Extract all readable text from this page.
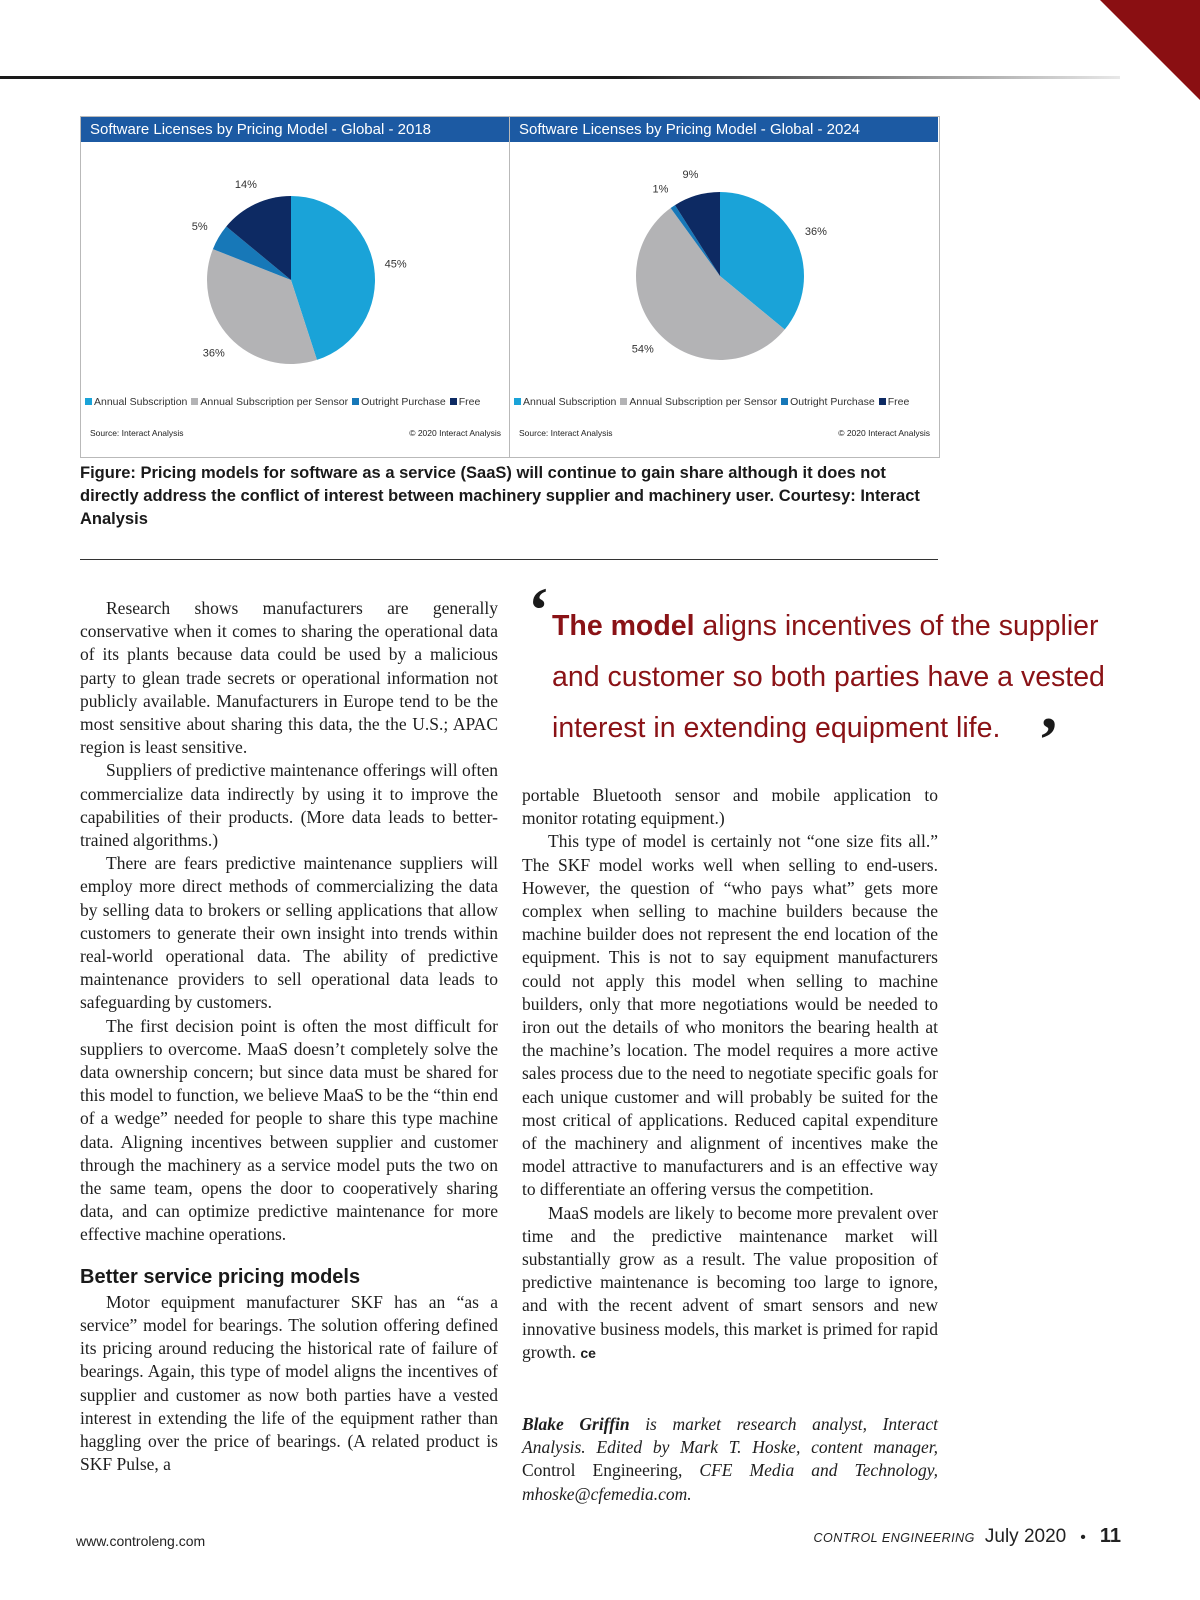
Software Licenses by Pricing Model - Global - 2018
45%
36%
5%
14%
Annual Subscription Annual Subscription per Sensor Outright Purchase Free
Source: Interact Analysis	© 2020 Interact Analysis
Software Licenses by Pricing Model - Global - 2024
36%
54%
1%
9%
Annual Subscription Annual Subscription per Sensor Outright Purchase Free
Source: Interact Analysis	© 2020 Interact Analysis
Figure: Pricing models for software as a service (SaaS) will continue to gain share although it does not directly address the conflict of interest between machinery supplier and machinery user. Courtesy: Interact Analysis

Research shows manufacturers are generally conservative when it comes to sharing the operational data of its plants because data could be used by a malicious party to glean trade secrets or operational information not publicly available. Manufacturers in Europe tend to be the most sensitive about sharing this data, the the U.S.; APAC region is least sensitive.

Suppliers of predictive maintenance offerings will often commercialize data indirectly by using it to improve the capabilities of their products. (More data leads to better-trained algorithms.)

There are fears predictive maintenance suppliers will employ more direct methods of commercializing the data by selling data to brokers or selling applications that allow customers to generate their own insight into trends within real-world operational data. The ability of predictive maintenance providers to sell operational data leads to safeguarding by customers.

The first decision point is often the most difficult for suppliers to overcome. MaaS doesn’t completely solve the data ownership concern; but since data must be shared for this model to function, we believe MaaS to be the “thin end of a wedge” needed for people to share this type machine data. Aligning incentives between supplier and customer through the machinery as a service model puts the two on the same team, opens the door to cooperatively sharing data, and can optimize predictive maintenance for more effective machine operations.

Better service pricing models

Motor equipment manufacturer SKF has an “as a service” model for bearings. The solution offering defined its pricing around reducing the historical rate of failure of bearings. Again, this type of model aligns the incentives of supplier and customer as now both parties have a vested interest in extending the life of the equipment rather than haggling over the price of bearings. (A related product is SKF Pulse, a

‘ The model aligns incentives of the supplier and customer so both parties have a vested interest in extending equipment life. ’

portable Bluetooth sensor and mobile application to monitor rotating equipment.)

This type of model is certainly not “one size fits all.” The SKF model works well when selling to end-users. However, the question of “who pays what” gets more complex when selling to machine builders because the machine builder does not represent the end location of the equipment. This is not to say equipment manufacturers could not apply this model when selling to machine builders, only that more negotiations would be needed to iron out the details of who monitors the bearing health at the machine’s location. The model requires a more active sales process due to the need to negotiate specific goals for each unique customer and will probably be suited for the most critical of applications. Reduced capital expenditure of the machinery and alignment of incentives make the model attractive to manufacturers and is an effective way to differentiate an offering versus the competition.

MaaS models are likely to become more prevalent over time and the predictive maintenance market will substantially grow as a result. The value proposition of predictive maintenance is becoming too large to ignore, and with the recent advent of smart sensors and new innovative business models, this market is primed for rapid growth. ce

Blake Griffin is market research analyst, Interact Analysis. Edited by Mark T. Hoske, content manager, Control Engineering, CFE Media and Technology, mhoske@cfemedia.com.
www.controleng.com	CONTROL ENGINEERING July 2020 • 11
